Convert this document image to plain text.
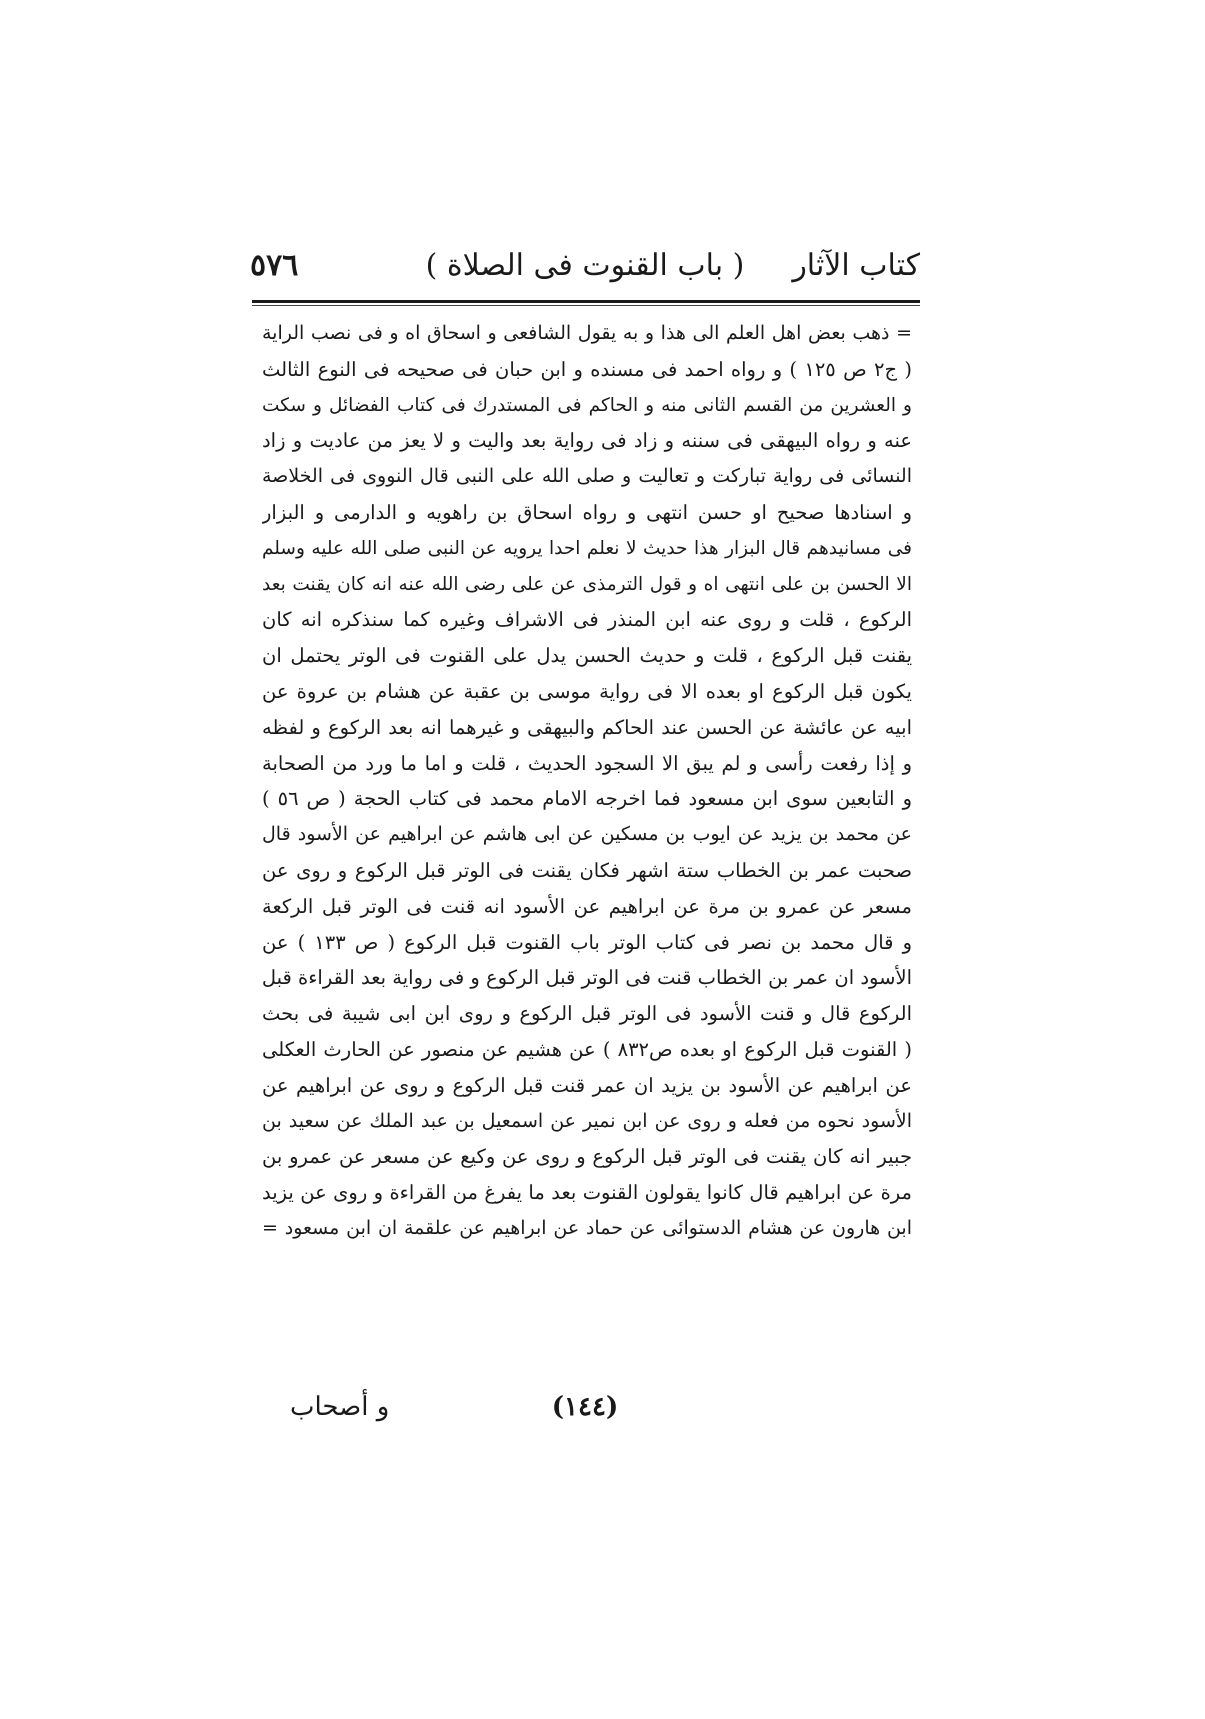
كتاب الآثار
( باب القنوت فى الصلاة )
٥٧٦
= ذهب بعض اهل العلم الى هذا و به يقول الشافعى و اسحاق اه و فى نصب الراية
( ج٢ ص ١٢٥ ) و رواه احمد فى مسنده و ابن حبان فى صحيحه فى النوع الثالث
و العشرين من القسم الثانى منه و الحاكم فى المستدرك فى كتاب الفضائل و سكت
عنه و رواه البيهقى فى سننه و زاد فى رواية بعد واليت و لا يعز من عاديت و زاد
النسائى فى رواية تباركت و تعاليت و صلى الله على النبى قال النووى فى الخلاصة
و اسنادها صحيح او حسن انتهى و رواه اسحاق بن راهويه و الدارمى و البزار
فى مسانيدهم قال البزار هذا حديث لا نعلم احدا يرويه عن النبى صلى الله عليه وسلم
الا الحسن بن على انتهى اه و قول الترمذى عن على رضى الله عنه انه كان يقنت بعد
الركوع ، قلت و روى عنه ابن المنذر فى الاشراف وغيره كما سنذكره انه كان
يقنت قبل الركوع ، قلت و حديث الحسن يدل على القنوت فى الوتر يحتمل ان
يكون قبل الركوع او بعده الا فى رواية موسى بن عقبة عن هشام بن عروة عن
ابيه عن عائشة عن الحسن عند الحاكم والبيهقى و غيرهما انه بعد الركوع و لفظه
و إذا رفعت رأسى و لم يبق الا السجود الحديث ، قلت و اما ما ورد من الصحابة
و التابعين سوى ابن مسعود فما اخرجه الامام محمد فى كتاب الحجة ( ص ٥٦ )
عن محمد بن يزيد عن ايوب بن مسكين عن ابى هاشم عن ابراهيم عن الأسود قال
صحبت عمر بن الخطاب ستة اشهر فكان يقنت فى الوتر قبل الركوع و روى عن
مسعر عن عمرو بن مرة عن ابراهيم عن الأسود انه قنت فى الوتر قبل الركعة
و قال محمد بن نصر فى كتاب الوتر باب القنوت قبل الركوع ( ص ١٣٣ ) عن
الأسود ان عمر بن الخطاب قنت فى الوتر قبل الركوع و فى رواية بعد القراءة قبل
الركوع قال و قنت الأسود فى الوتر قبل الركوع و روى ابن ابى شيبة فى بحث
( القنوت قبل الركوع او بعده ص٨٣٢ ) عن هشيم عن منصور عن الحارث العكلى
عن ابراهيم عن الأسود بن يزيد ان عمر قنت قبل الركوع و روى عن ابراهيم عن
الأسود نحوه من فعله و روى عن ابن نمير عن اسمعيل بن عبد الملك عن سعيد بن
جبير انه كان يقنت فى الوتر قبل الركوع و روى عن وكيع عن مسعر عن عمرو بن
مرة عن ابراهيم قال كانوا يقولون القنوت بعد ما يفرغ من القراءة و روى عن يزيد
ابن هارون عن هشام الدستوائى عن حماد عن ابراهيم عن علقمة ان ابن مسعود =
(١٤٤)
و أصحاب
